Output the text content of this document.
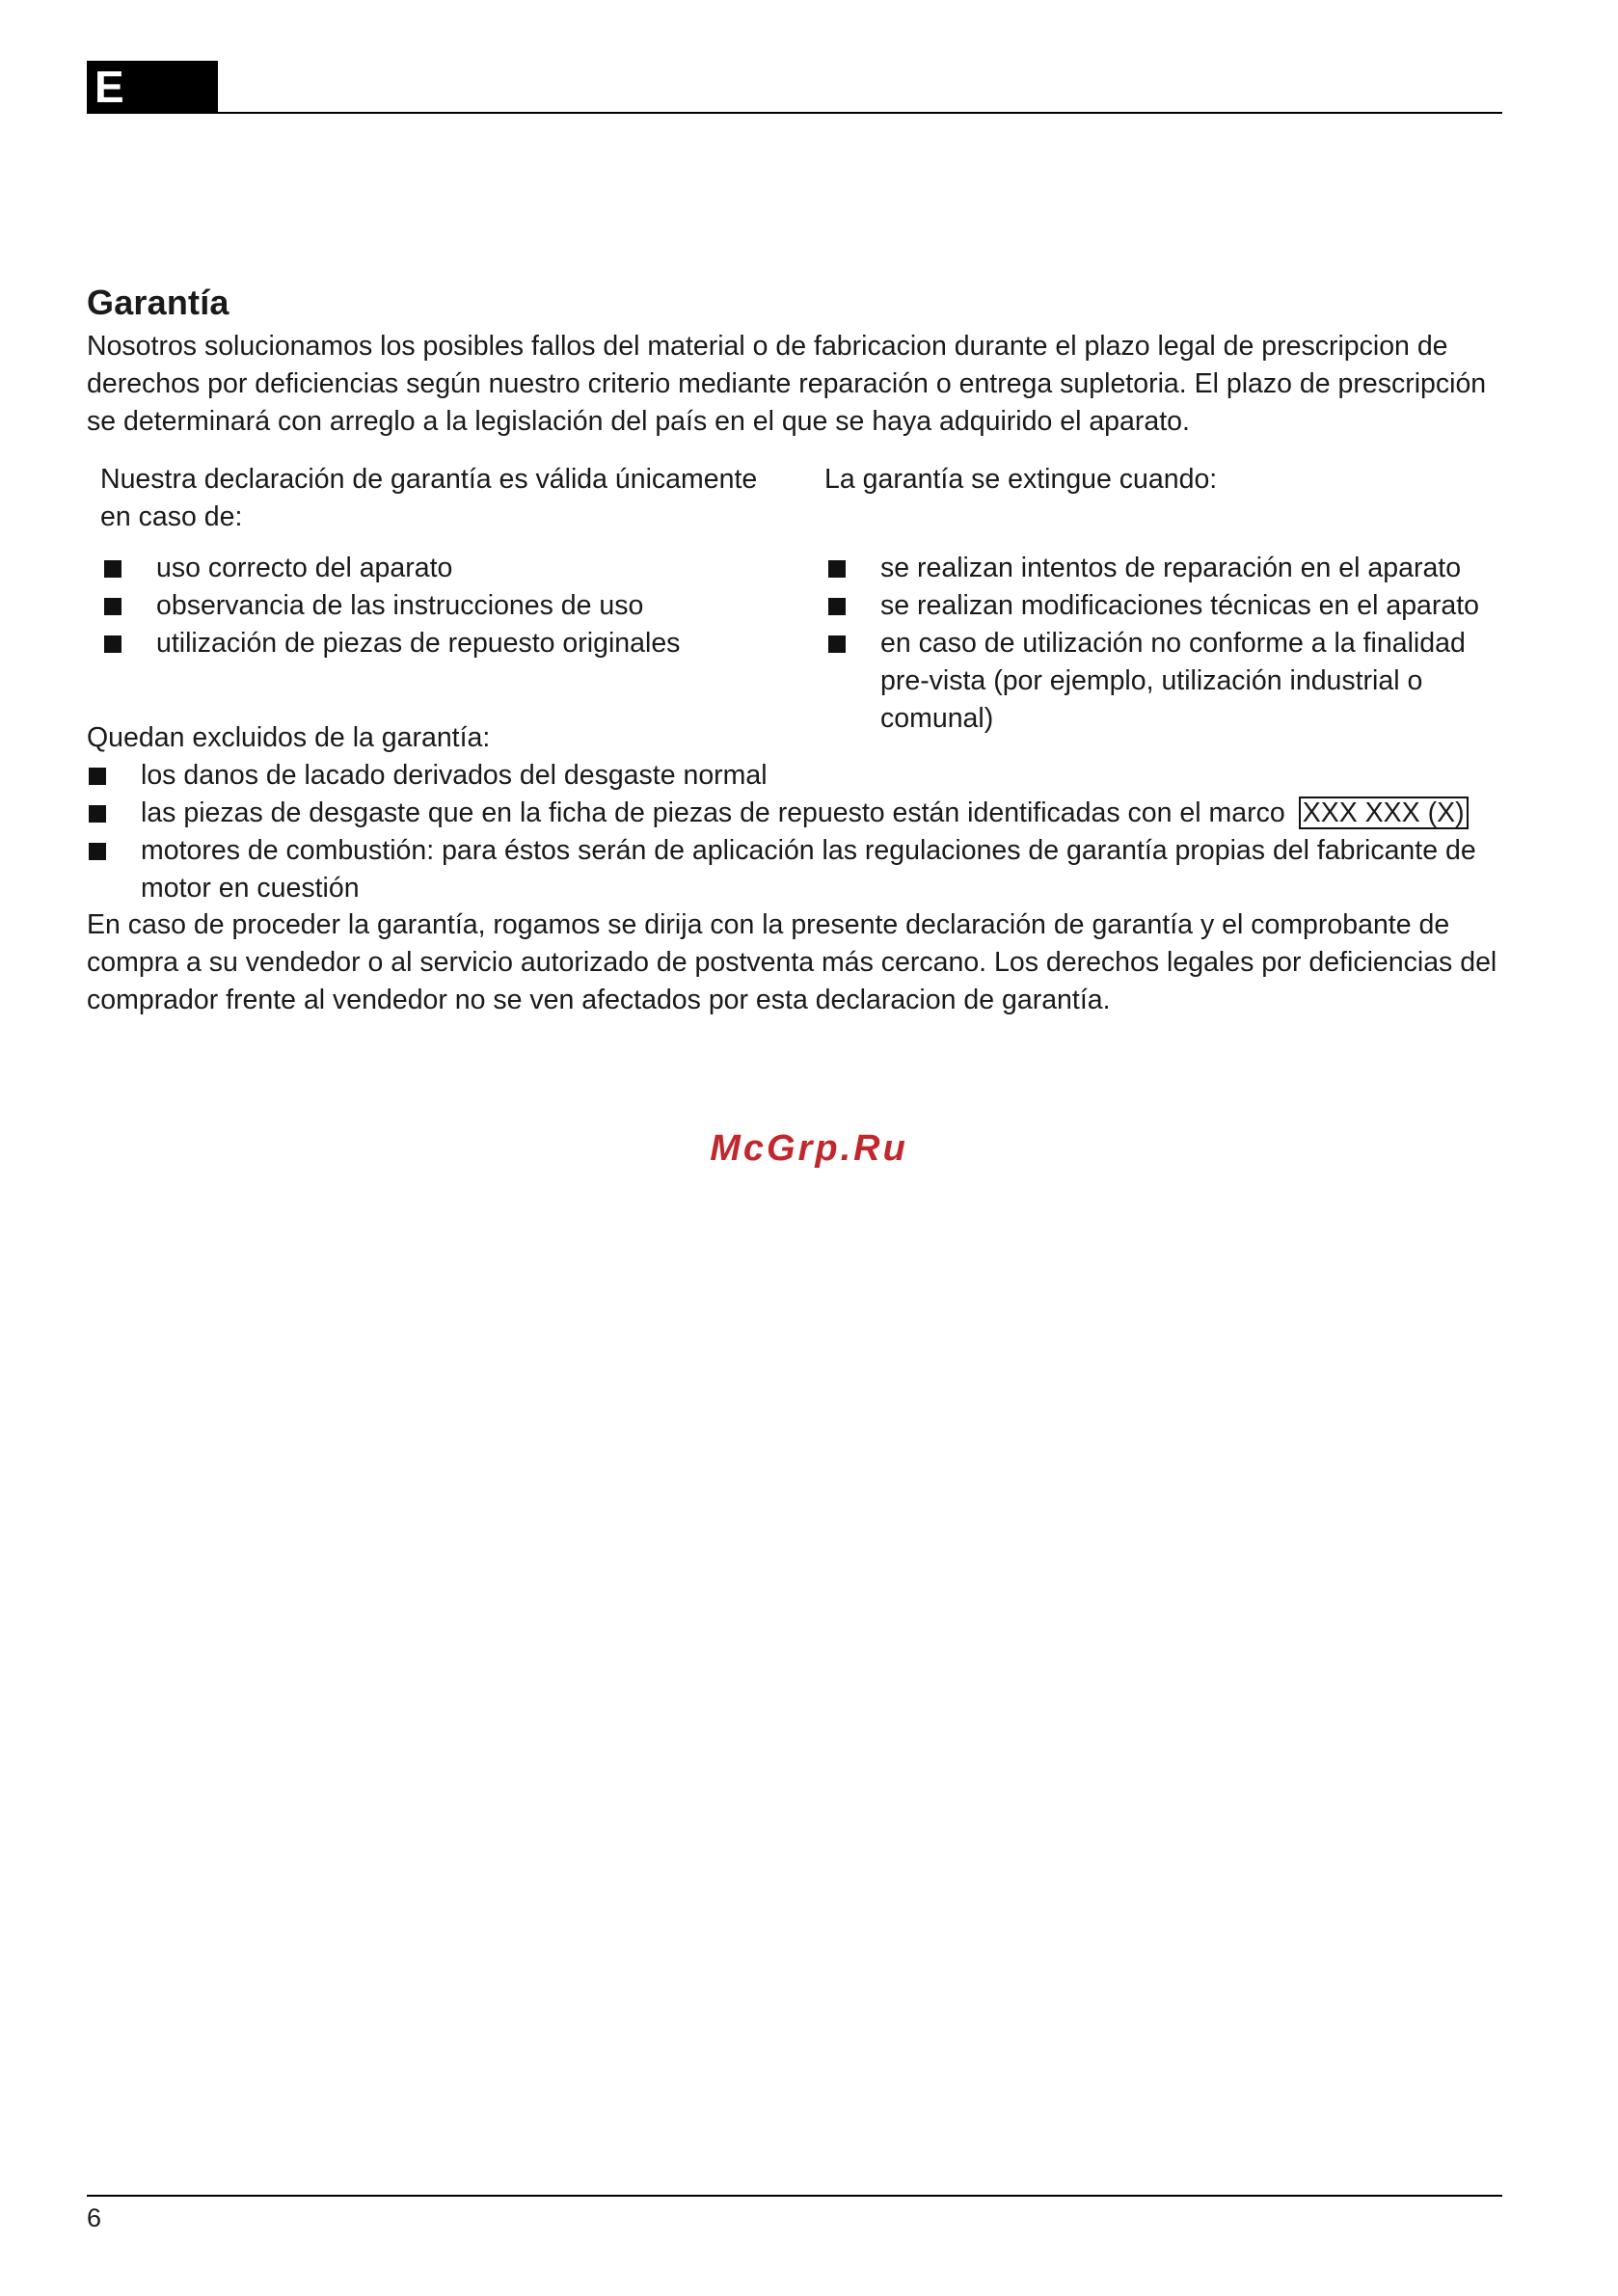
E
Garantía

Nosotros solucionamos los posibles fallos del material o de fabricacion durante el plazo legal de prescripcion de derechos por deficiencias según nuestro criterio mediante reparación o entrega supletoria. El plazo de prescripción se determinará con arreglo a la legislación del país en el que se haya adquirido el aparato.

Nuestra declaración de garantía es válida únicamente en caso de:

uso correcto del aparato
observancia de las instrucciones de uso
utilización de piezas de repuesto originales

La garantía se extingue cuando:

se realizan intentos de reparación en el aparato
se realizan modificaciones técnicas en el aparato
en caso de utilización no conforme a la finalidad pre-vista (por ejemplo, utilización industrial o comunal)

Quedan excluidos de la garantía:

los danos de lacado derivados del desgaste normal
las piezas de desgaste que en la ficha de piezas de repuesto están identificadas con el marco XXX XXX (X)
motores de combustión: para éstos serán de aplicación las regulaciones de garantía propias del fabricante de motor en cuestión

En caso de proceder la garantía, rogamos se dirija con la presente declaración de garantía y el comprobante de compra a su vendedor o al servicio autorizado de postventa más cercano. Los derechos legales por deficiencias del comprador frente al vendedor no se ven afectados por esta declaracion de garantía.

McGrp.Ru
6
